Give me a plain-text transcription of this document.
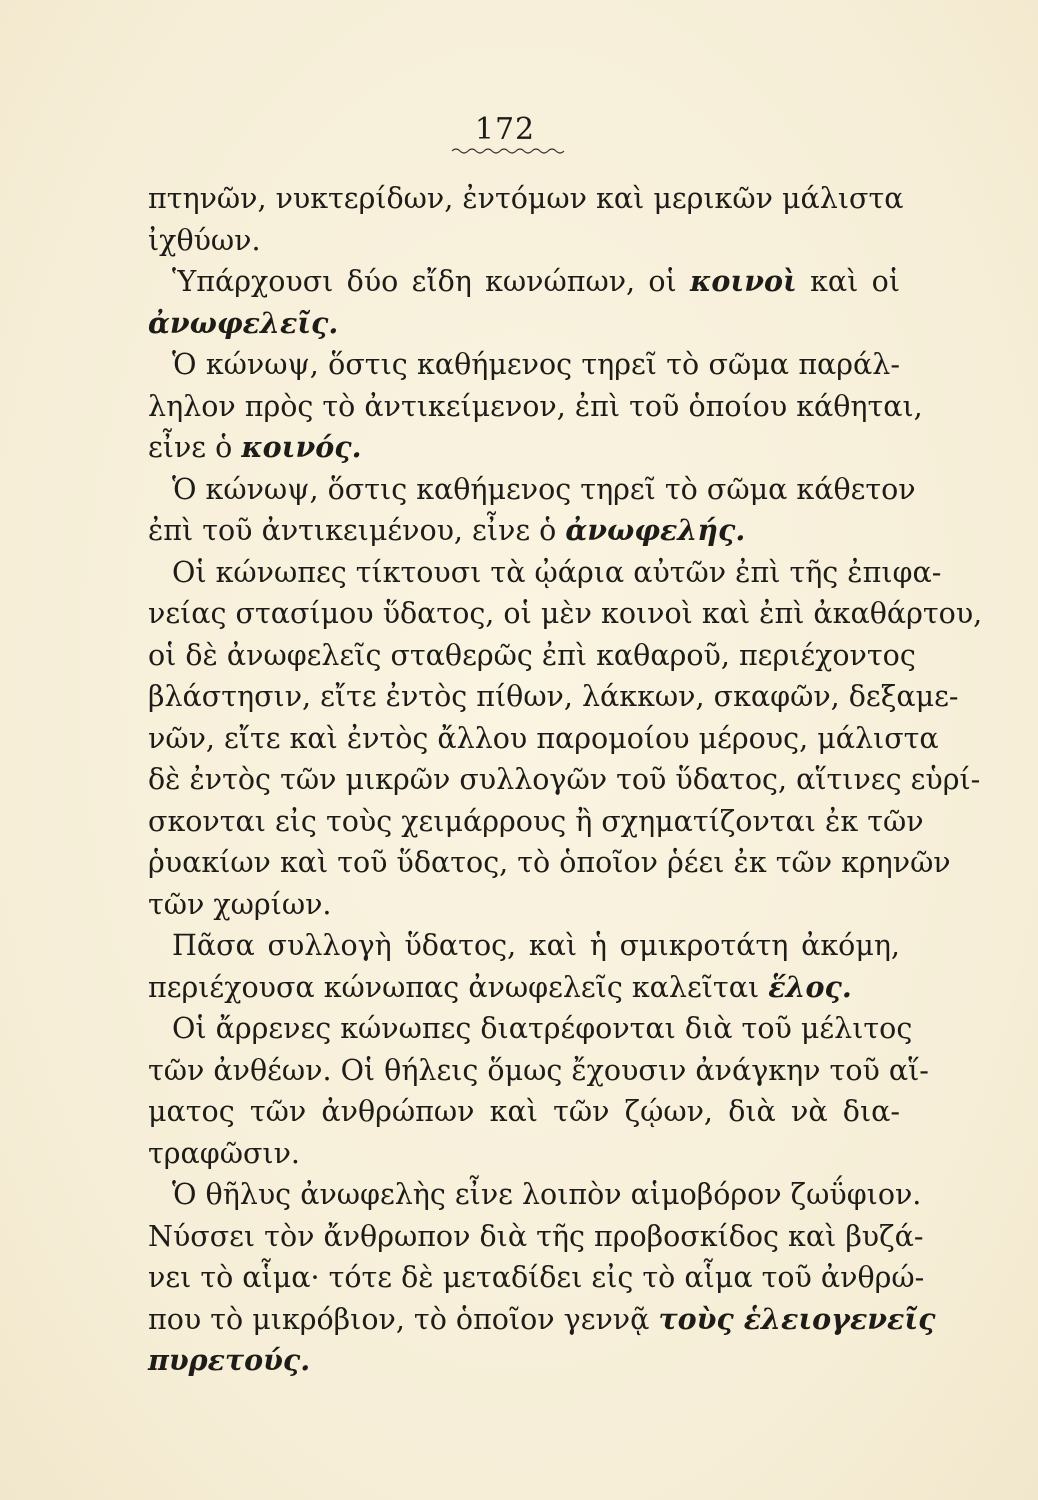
172
πτηνῶν, νυκτερίδων, ἐντόμων καὶ μερικῶν μάλιστα
ἰχθύων.
Ὑπάρχουσι δύο εἴδη κωνώπων, οἱ κοινοὶ καὶ οἱ
ἀνωφελεῖς.
Ὁ κώνωψ, ὅστις καθήμενος τηρεῖ τὸ σῶμα παράλ-
ληλον πρὸς τὸ ἀντικείμενον, ἐπὶ τοῦ ὁποίου κάθηται,
εἶνε ὁ κοινός.
Ὁ κώνωψ, ὅστις καθήμενος τηρεῖ τὸ σῶμα κάθετον
ἐπὶ τοῦ ἀντικειμένου, εἶνε ὁ ἀνωφελής.
Οἱ κώνωπες τίκτουσι τὰ ᾠάρια αὐτῶν ἐπὶ τῆς ἐπιφα-
νείας στασίμου ὕδατος, οἱ μὲν κοινοὶ καὶ ἐπὶ ἀκαθάρτου,
οἱ δὲ ἀνωφελεῖς σταθερῶς ἐπὶ καθαροῦ, περιέχοντος
βλάστησιν, εἴτε ἐντὸς πίθων, λάκκων, σκαφῶν, δεξαμε-
νῶν, εἴτε καὶ ἐντὸς ἄλλου παρομοίου μέρους, μάλιστα
δὲ ἐντὸς τῶν μικρῶν συλλογῶν τοῦ ὕδατος, αἵτινες εὑρί-
σκονται εἰς τοὺς χειμάρρους ἢ σχηματίζονται ἐκ τῶν
ῥυακίων καὶ τοῦ ὕδατος, τὸ ὁποῖον ῥέει ἐκ τῶν κρηνῶν
τῶν χωρίων.
Πᾶσα συλλογὴ ὕδατος, καὶ ἡ σμικροτάτη ἀκόμη,
περιέχουσα κώνωπας ἀνωφελεῖς καλεῖται ἕλος.
Οἱ ἄρρενες κώνωπες διατρέφονται διὰ τοῦ μέλιτος
τῶν ἀνθέων. Οἱ θήλεις ὅμως ἔχουσιν ἀνάγκην τοῦ αἵ-
ματος τῶν ἀνθρώπων καὶ τῶν ζῴων, διὰ νὰ δια-
τραφῶσιν.
Ὁ θῆλυς ἀνωφελὴς εἶνε λοιπὸν αἱμοβόρον ζωΰφιον.
Νύσσει τὸν ἄνθρωπον διὰ τῆς προβοσκίδος καὶ βυζά-
νει τὸ αἷμα· τότε δὲ μεταδίδει εἰς τὸ αἷμα τοῦ ἀνθρώ-
που τὸ μικρόβιον, τὸ ὁποῖον γεννᾷ τοὺς ἑλειογενεῖς
πυρετούς.
